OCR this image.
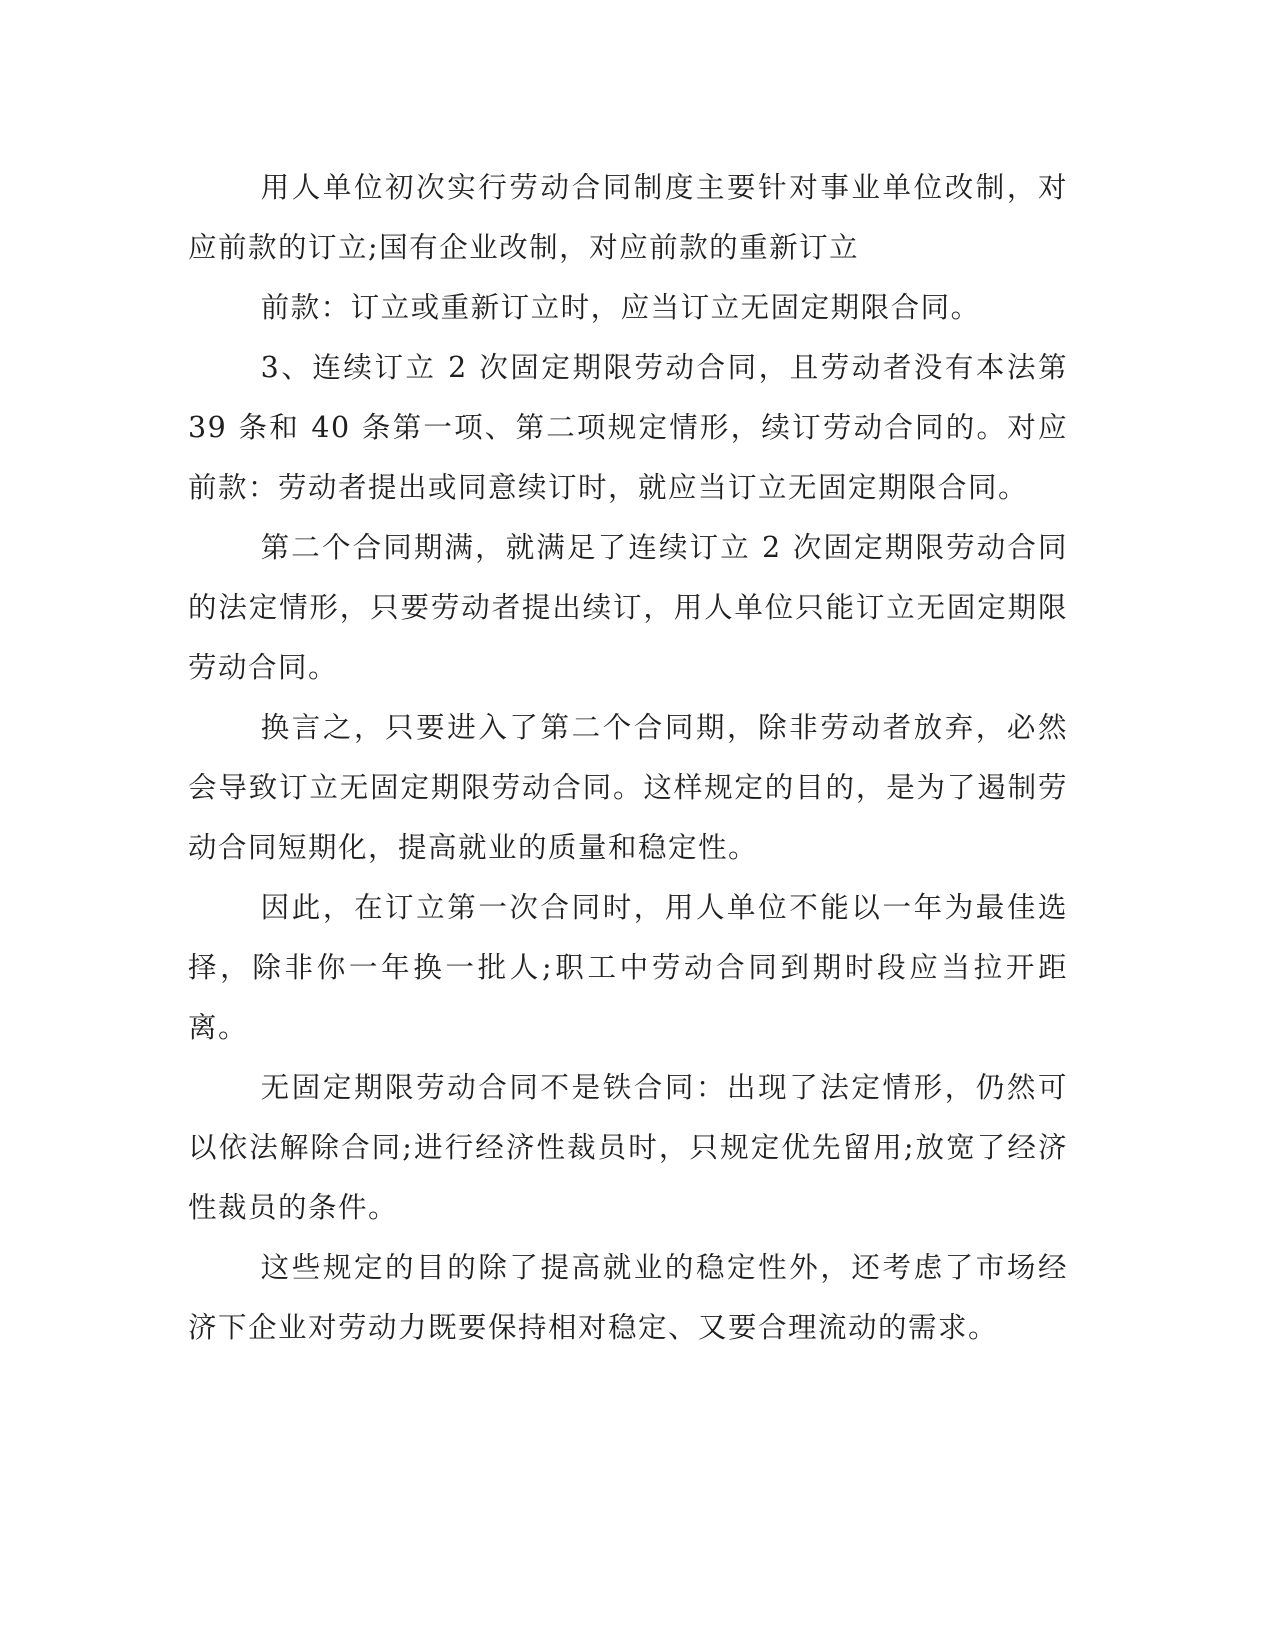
用人单位初次实行劳动合同制度主要针对事业单位改制，对应前款的订立;国有企业改制，对应前款的重新订立

前款：订立或重新订立时，应当订立无固定期限合同。

3、连续订立 2 次固定期限劳动合同，且劳动者没有本法第 39 条和 40 条第一项、第二项规定情形，续订劳动合同的。对应前款：劳动者提出或同意续订时，就应当订立无固定期限合同。

第二个合同期满，就满足了连续订立 2 次固定期限劳动合同的法定情形，只要劳动者提出续订，用人单位只能订立无固定期限劳动合同。

换言之，只要进入了第二个合同期，除非劳动者放弃，必然会导致订立无固定期限劳动合同。这样规定的目的，是为了遏制劳动合同短期化，提高就业的质量和稳定性。

因此，在订立第一次合同时，用人单位不能以一年为最佳选择，除非你一年换一批人;职工中劳动合同到期时段应当拉开距离。

无固定期限劳动合同不是铁合同：出现了法定情形，仍然可以依法解除合同;进行经济性裁员时，只规定优先留用;放宽了经济性裁员的条件。

这些规定的目的除了提高就业的稳定性外，还考虑了市场经济下企业对劳动力既要保持相对稳定、又要合理流动的需求。
